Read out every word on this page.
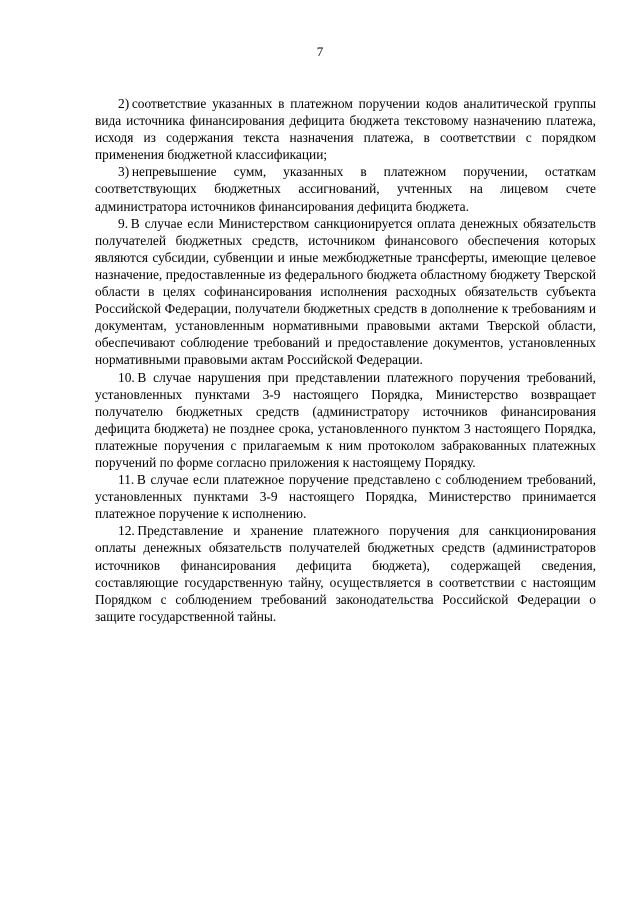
7

2) соответствие указанных в платежном поручении кодов аналитической группы вида источника финансирования дефицита бюджета текстовому назначению платежа, исходя из содержания текста назначения платежа, в соответствии с порядком применения бюджетной классификации;

3) непревышение сумм, указанных в платежном поручении, остаткам соответствующих бюджетных ассигнований, учтенных на лицевом счете администратора источников финансирования дефицита бюджета.

9. В случае если Министерством санкционируется оплата денежных обязательств получателей бюджетных средств, источником финансового обеспечения которых являются субсидии, субвенции и иные межбюджетные трансферты, имеющие целевое назначение, предоставленные из федерального бюджета областному бюджету Тверской области в целях софинансирования исполнения расходных обязательств субъекта Российской Федерации, получатели бюджетных средств в дополнение к требованиям и документам, установленным нормативными правовыми актами Тверской области, обеспечивают соблюдение требований и предоставление документов, установленных нормативными правовыми актам Российской Федерации.

10. В случае нарушения при представлении платежного поручения требований, установленных пунктами 3-9 настоящего Порядка, Министерство возвращает получателю бюджетных средств (администратору источников финансирования дефицита бюджета) не позднее срока, установленного пунктом 3 настоящего Порядка, платежные поручения с прилагаемым к ним протоколом забракованных платежных поручений по форме согласно приложения к настоящему Порядку.

11. В случае если платежное поручение представлено с соблюдением требований, установленных пунктами 3-9 настоящего Порядка, Министерство принимается платежное поручение к исполнению.

12. Представление и хранение платежного поручения для санкционирования оплаты денежных обязательств получателей бюджетных средств (администраторов источников финансирования дефицита бюджета), содержащей сведения, составляющие государственную тайну, осуществляется в соответствии с настоящим Порядком с соблюдением требований законодательства Российской Федерации о защите государственной тайны.
